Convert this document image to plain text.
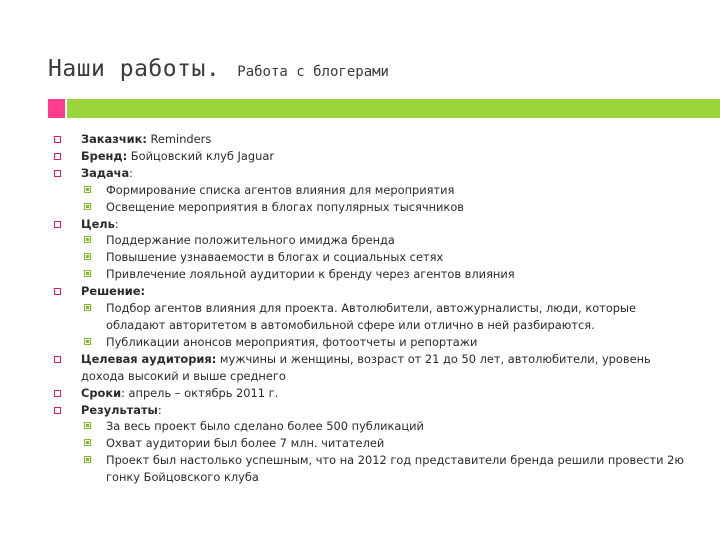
Наши работы. Работа с блогерами
Заказчик: Reminders
Бренд: Бойцовский клуб Jaguar
Задача:
Формирование списка агентов влияния для мероприятия
Освещение мероприятия в блогах популярных тысячников
Цель:
Поддержание положительного имиджа бренда
Повышение узнаваемости в блогах и социальных сетях
Привлечение лояльной аудитории к бренду через агентов влияния
Решение:
Подбор агентов влияния для проекта. Автолюбители, автожурналисты, люди, которые обладают авторитетом в автомобильной сфере или отлично в ней разбираются.
Публикации анонсов мероприятия, фотоотчеты и репортажи
Целевая аудитория: мужчины и женщины, возраст от 21 до 50 лет, автолюбители, уровень дохода высокий и выше среднего
Сроки: апрель – октябрь 2011 г.
Результаты:
За весь проект было сделано более 500 публикаций
Охват аудитории был более 7 млн. читателей
Проект был настолько успешным, что на 2012 год представители бренда решили провести 2ю гонку Бойцовского клуба
